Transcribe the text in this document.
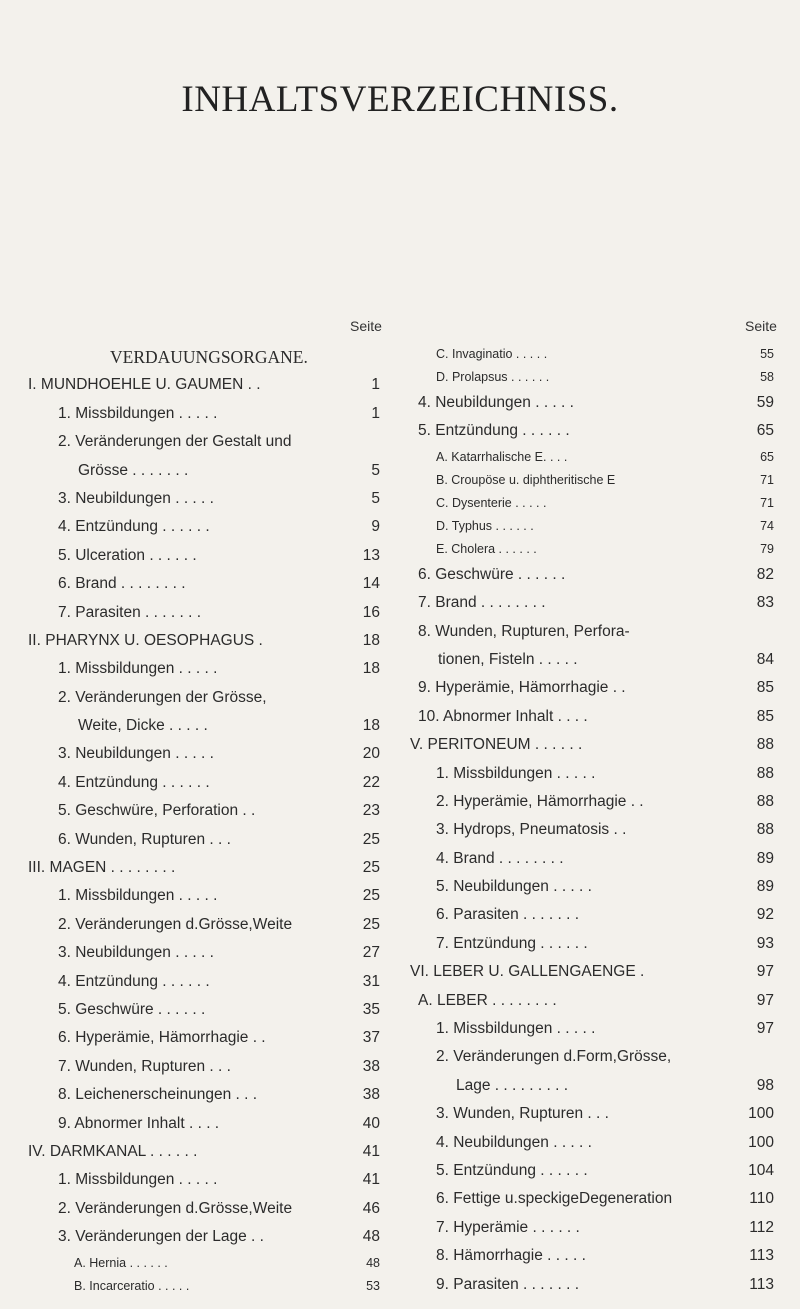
INHALTSVERZEICHNISS.
Seite	Seite
VERDAUUNGSORGANE.
I. MUNDHOEHLE U. GAUMEN . .	1
1. Missbildungen . . . . .	1
2. Veränderungen der Gestalt und
Grösse . . . . . . .	5
3. Neubildungen . . . . .	5
4. Entzündung . . . . . .	9
5. Ulceration . . . . . .	13
6. Brand . . . . . . . .	14
7. Parasiten . . . . . . .	16
II. PHARYNX U. OESOPHAGUS .	18
1. Missbildungen . . . . .	18
2. Veränderungen der Grösse,
Weite, Dicke . . . . .	18
3. Neubildungen . . . . .	20
4. Entzündung . . . . . .	22
5. Geschwüre, Perforation . .	23
6. Wunden, Rupturen . . .	25
III. MAGEN . . . . . . . .	25
1. Missbildungen . . . . .	25
2. Veränderungen d.Grösse,Weite	25
3. Neubildungen . . . . .	27
4. Entzündung . . . . . .	31
5. Geschwüre . . . . . .	35
6. Hyperämie, Hämorrhagie . .	37
7. Wunden, Rupturen . . .	38
8. Leichenerscheinungen . . .	38
9. Abnormer Inhalt . . . .	40
IV. DARMKANAL . . . . . .	41
1. Missbildungen . . . . .	41
2. Veränderungen d.Grösse,Weite	46
3. Veränderungen der Lage . .	48
A. Hernia . . . . . .	48
B. Incarceratio . . . . .	53
C. Invaginatio . . . . .	55
D. Prolapsus . . . . . .	58
4. Neubildungen . . . . .	59
5. Entzündung . . . . . .	65
A. Katarrhalische E. . . .	65
B. Croupöse u. diphtheritische E	71
C. Dysenterie . . . . .	71
D. Typhus . . . . . .	74
E. Cholera . . . . . .	79
6. Geschwüre . . . . . .	82
7. Brand . . . . . . . .	83
8. Wunden, Rupturen, Perfora-
tionen, Fisteln . . . . .	84
9. Hyperämie, Hämorrhagie . .	85
10. Abnormer Inhalt . . . .	85
V. PERITONEUM . . . . . .	88
1. Missbildungen . . . . .	88
2. Hyperämie, Hämorrhagie . .	88
3. Hydrops, Pneumatosis . .	88
4. Brand . . . . . . . .	89
5. Neubildungen . . . . .	89
6. Parasiten . . . . . . .	92
7. Entzündung . . . . . .	93
VI. LEBER U. GALLENGAENGE .	97
A. LEBER . . . . . . . .	97
1. Missbildungen . . . . .	97
2. Veränderungen d.Form,Grösse,
Lage . . . . . . . . .	98
3. Wunden, Rupturen . . .	100
4. Neubildungen . . . . .	100
5. Entzündung . . . . . .	104
6. Fettige u.speckigeDegeneration	110
7. Hyperämie . . . . . .	112
8. Hämorrhagie . . . . .	113
9. Parasiten . . . . . . .	113
